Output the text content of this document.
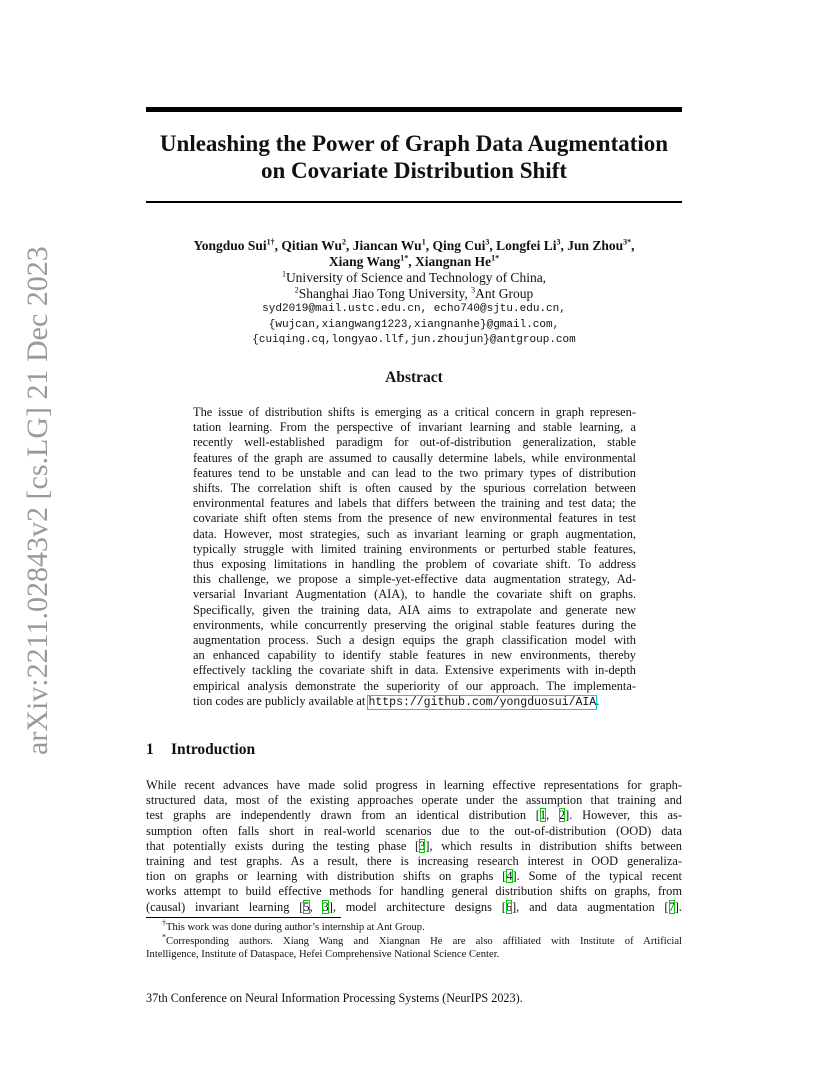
arXiv:2211.02843v2 [cs.LG] 21 Dec 2023
Unleashing the Power of Graph Data Augmentation
on Covariate Distribution Shift
Yongduo Sui$^{1\dagger}$, Qitian Wu$^2$, Jiancan Wu$^1$, Qing Cui$^3$, Longfei Li$^3$, Jun Zhou$^{3*}$,
Xiang Wang$^{1*}$, Xiangnan $He^{1*}$
$^1$University of Science and Technology of China,
$^2$Shanghai Jiao Tong University, $^3$Ant Group
syd2019@mail.ustc.edu.cn, echo740@sjtu.edu.cn,
{wujcan,xiangwang1223,xiangnanhe}@gmail.com,
{cuiqing.cq,longyao.llf,jun.zhoujun}@antgroup.com
Abstract
The issue of distribution shifts is emerging as a critical concern in graph represen-
tation learning. From the perspective of invariant learning and stable learning, a
recently well-established paradigm for out-of-distribution generalization, stable
features of the graph are assumed to causally determine labels, while environmental
features tend to be unstable and can lead to the two primary types of distribution
shifts. The correlation shift is often caused by the spurious correlation between
environmental features and labels that differs between the training and test data; the
covariate shift often stems from the presence of new environmental features in test
data. However, most strategies, such as invariant learning or graph augmentation,
typically struggle with limited training environments or perturbed stable features,
thus exposing limitations in handling the problem of covariate shift. To address
this challenge, we propose a simple-yet-effective data augmentation strategy, Ad-
versarial Invariant Augmentation (AIA), to handle the covariate shift on graphs.
Specifically, given the training data, AIA aims to extrapolate and generate new
environments, while concurrently preserving the original stable features during the
augmentation process. Such a design equips the graph classification model with
an enhanced capability to identify stable features in new environments, thereby
effectively tackling the covariate shift in data. Extensive experiments with in-depth
empirical analysis demonstrate the superiority of our approach. The implementa-
tion codes are publicly available at https://github.com/yongduosui/AIA.
1 Introduction
While recent advances have made solid progress in learning effective representations for graph-
structured data, most of the existing approaches operate under the assumption that training and
test graphs are independently drawn from an identical distribution [1, 2]. However, this as-
sumption often falls short in real-world scenarios due to the out-of-distribution (OOD) data
that potentially exists during the testing phase [3], which results in distribution shifts between
training and test graphs. As a result, there is increasing research interest in OOD generaliza-
tion on graphs or learning with distribution shifts on graphs [4]. Some of the typical recent
works attempt to build effective methods for handling general distribution shifts on graphs, from
(causal) invariant learning [5, 3], model architecture designs [6], and data augmentation [7].
†This work was done during author’s internship at Ant Group.
*Corresponding authors. Xiang Wang and Xiangnan He are also affiliated with Institute of Artificial
Intelligence, Institute of Dataspace, Hefei Comprehensive National Science Center.
37th Conference on Neural Information Processing Systems (NeurIPS 2023).
